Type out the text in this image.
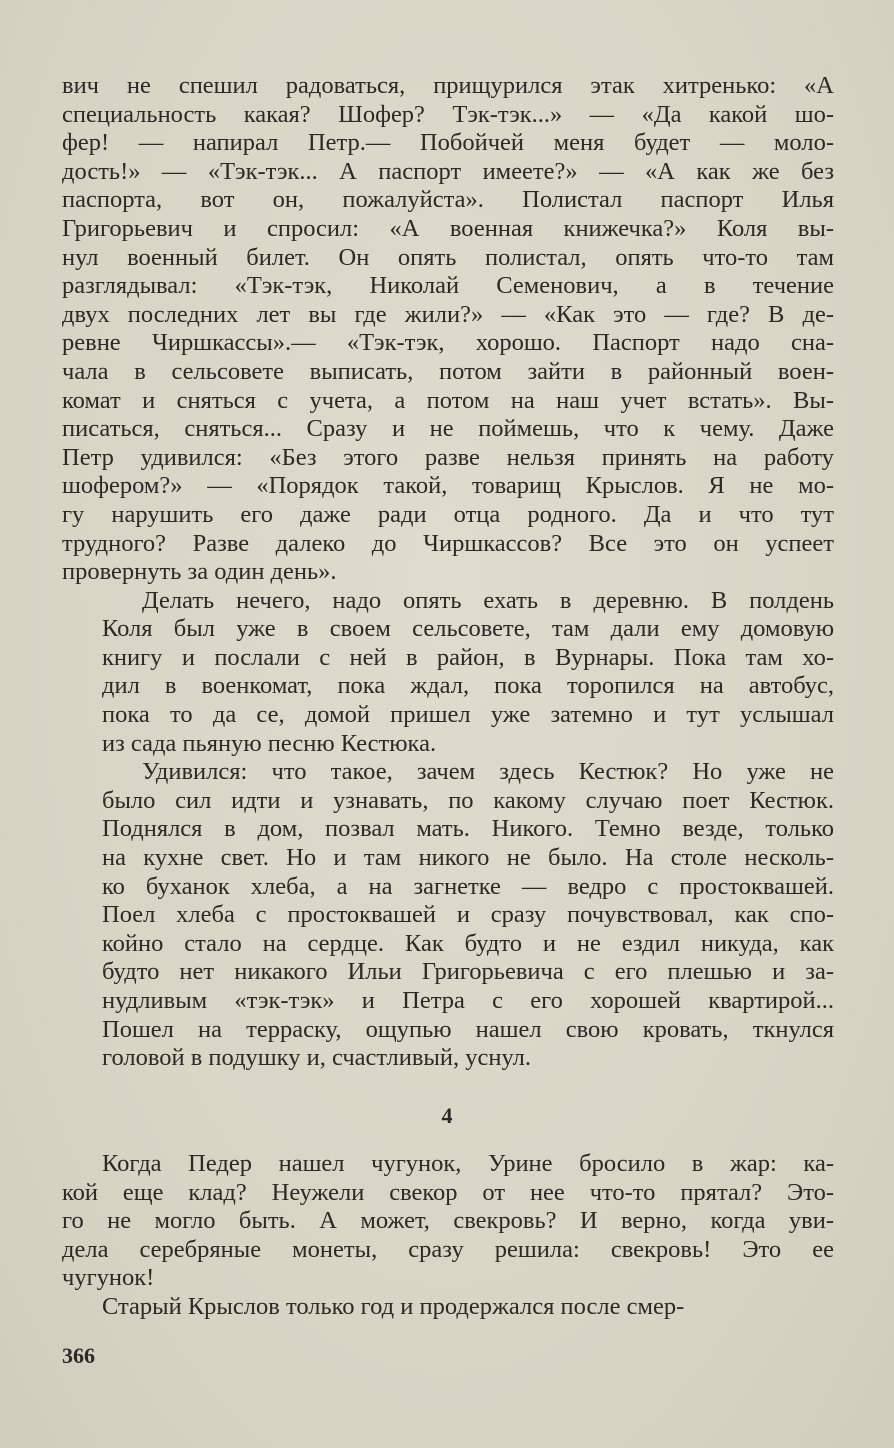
вич не спешил радоваться, прищурился этак хитренько: «А
специальность какая? Шофер? Тэк-тэк...» — «Да какой шо-
фер! — напирал Петр.— Побойчей меня будет — моло-
дость!» — «Тэк-тэк... А паспорт имеете?» — «А как же без
паспорта, вот он, пожалуйста». Полистал паспорт Илья
Григорьевич и спросил: «А военная книжечка?» Коля вы-
нул военный билет. Он опять полистал, опять что-то там
разглядывал: «Тэк-тэк, Николай Семенович, а в течение
двух последних лет вы где жили?» — «Как это — где? В де-
ревне Чиршкассы».— «Тэк-тэк, хорошо. Паспорт надо сна-
чала в сельсовете выписать, потом зайти в районный воен-
комат и сняться с учета, а потом на наш учет встать». Вы-
писаться, сняться... Сразу и не поймешь, что к чему. Даже
Петр удивился: «Без этого разве нельзя принять на работу
шофером?» — «Порядок такой, товарищ Крыслов. Я не мо-
гу нарушить его даже ради отца родного. Да и что тут
трудного? Разве далеко до Чиршкассов? Все это он успеет
провернуть за один день».

Делать нечего, надо опять ехать в деревню. В полдень
Коля был уже в своем сельсовете, там дали ему домовую
книгу и послали с ней в район, в Вурнары. Пока там хо-
дил в военкомат, пока ждал, пока торопился на автобус,
пока то да се, домой пришел уже затемно и тут услышал
из сада пьяную песню Кестюка.

Удивился: что такое, зачем здесь Кестюк? Но уже не
было сил идти и узнавать, по какому случаю поет Кестюк.
Поднялся в дом, позвал мать. Никого. Темно везде, только
на кухне свет. Но и там никого не было. На столе несколь-
ко буханок хлеба, а на загнетке — ведро с простоквашей.
Поел хлеба с простоквашей и сразу почувствовал, как спо-
койно стало на сердце. Как будто и не ездил никуда, как
будто нет никакого Ильи Григорьевича с его плешью и за-
нудливым «тэк-тэк» и Петра с его хорошей квартирой...
Пошел на терраску, ощупью нашел свою кровать, ткнулся
головой в подушку и, счастливый, уснул.

4

Когда Педер нашел чугунок, Урине бросило в жар: ка-
кой еще клад? Неужели свекор от нее что-то прятал? Это-
го не могло быть. А может, свекровь? И верно, когда уви-
дела серебряные монеты, сразу решила: свекровь! Это ее
чугунок!

Старый Крыслов только год и продержался после смер-

366
